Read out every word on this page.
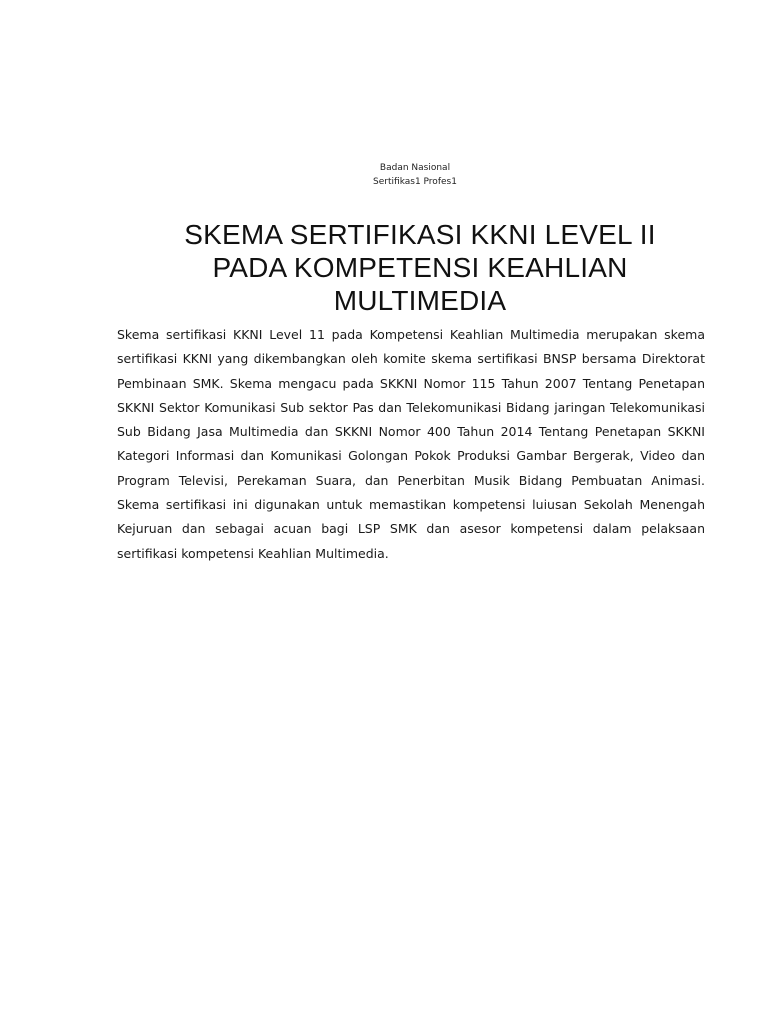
Badan Nasional
Sertifikas1 Profes1
SKEMA SERTIFIKASI KKNI LEVEL II
PADA KOMPETENSI KEAHLIAN
MULTIMEDIA

Skema sertifikasi KKNI Level 11 pada Kompetensi Keahlian Multimedia merupakan skema sertifikasi KKNI yang dikembangkan oleh komite skema sertifikasi BNSP bersama Direktorat Pembinaan SMK. Skema mengacu pada SKKNI Nomor 115 Tahun 2007 Tentang Penetapan SKKNI Sektor Komunikasi Sub sektor Pas dan Telekomunikasi Bidang jaringan Telekomunikasi Sub Bidang Jasa Multimedia dan SKKNI Nomor 400 Tahun 2014 Tentang Penetapan SKKNI Kategori Informasi dan Komunikasi Golongan Pokok Produksi Gambar Bergerak, Video dan Program Televisi, Perekaman Suara, dan Penerbitan Musik Bidang Pembuatan Animasi. Skema sertifikasi ini digunakan untuk memastikan kompetensi luiusan Sekolah Menengah Kejuruan dan sebagai acuan bagi LSP SMK dan asesor kompetensi dalam pelaksaan sertifikasi kompetensi Keahlian Multimedia.
